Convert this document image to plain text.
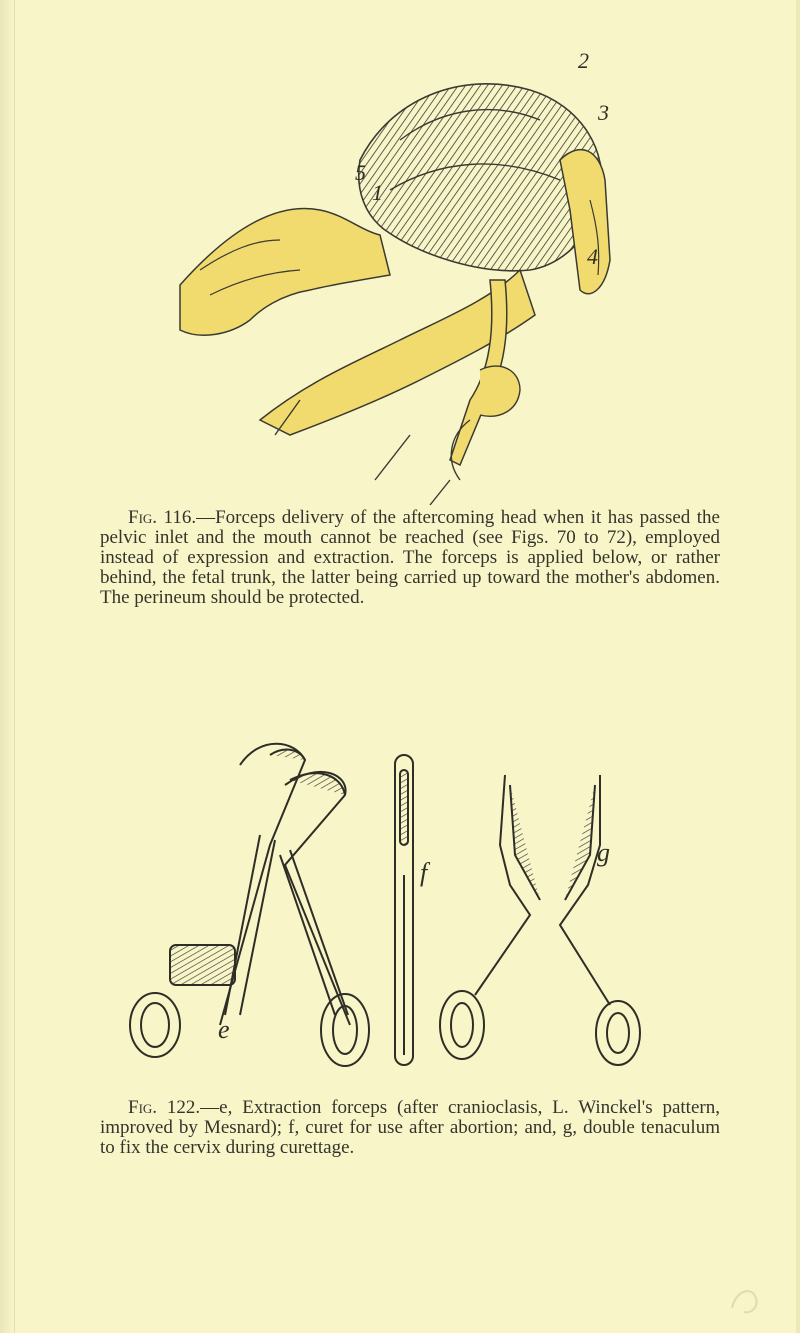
2
3
5
1
4

Fig. 116.—Forceps delivery of the aftercoming head when it has passed the pelvic inlet and the mouth cannot be reached (see Figs. 70 to 72), employed instead of expression and extraction. The forceps is applied below, or rather behind, the fetal trunk, the latter being carried up toward the mother's abdomen. The perineum should be protected.

e
f
g

Fig. 122.—e, Extraction forceps (after cranioclasis, L. Winckel's pattern, improved by Mesnard); f, curet for use after abortion; and, g, double tenaculum to fix the cervix during curettage.
